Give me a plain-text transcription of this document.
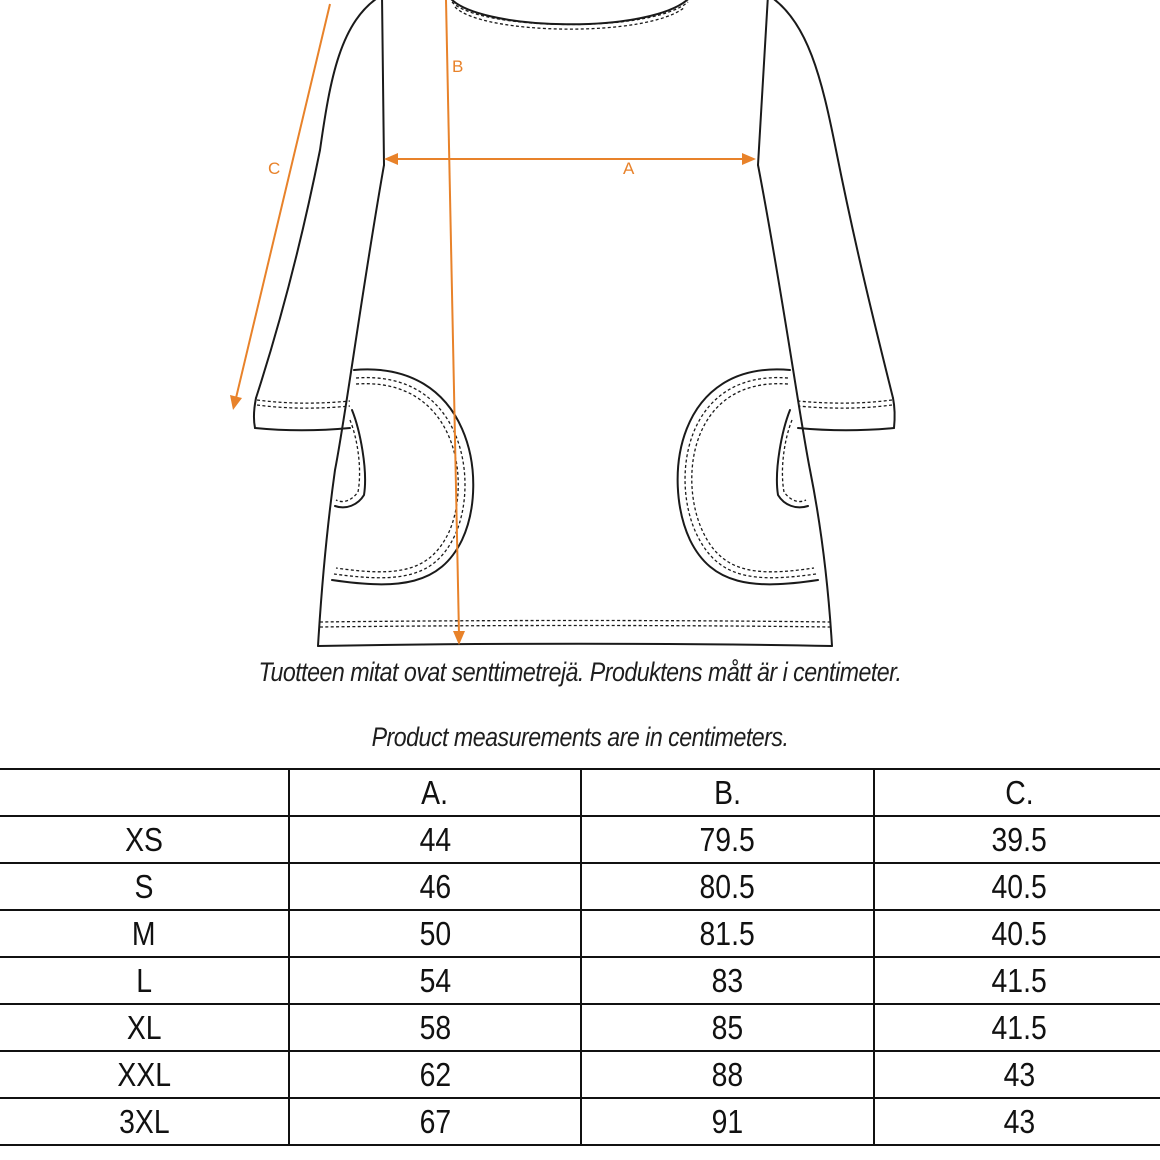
A
B
C
Tuotteen mitat ovat senttimetrejä. Produktens mått är i centimeter.
Product measurements are in centimeters.
	A.	B.	C.
XS	44	79.5	39.5
S	46	80.5	40.5
M	50	81.5	40.5
L	54	83	41.5
XL	58	85	41.5
XXL	62	88	43
3XL	67	91	43
